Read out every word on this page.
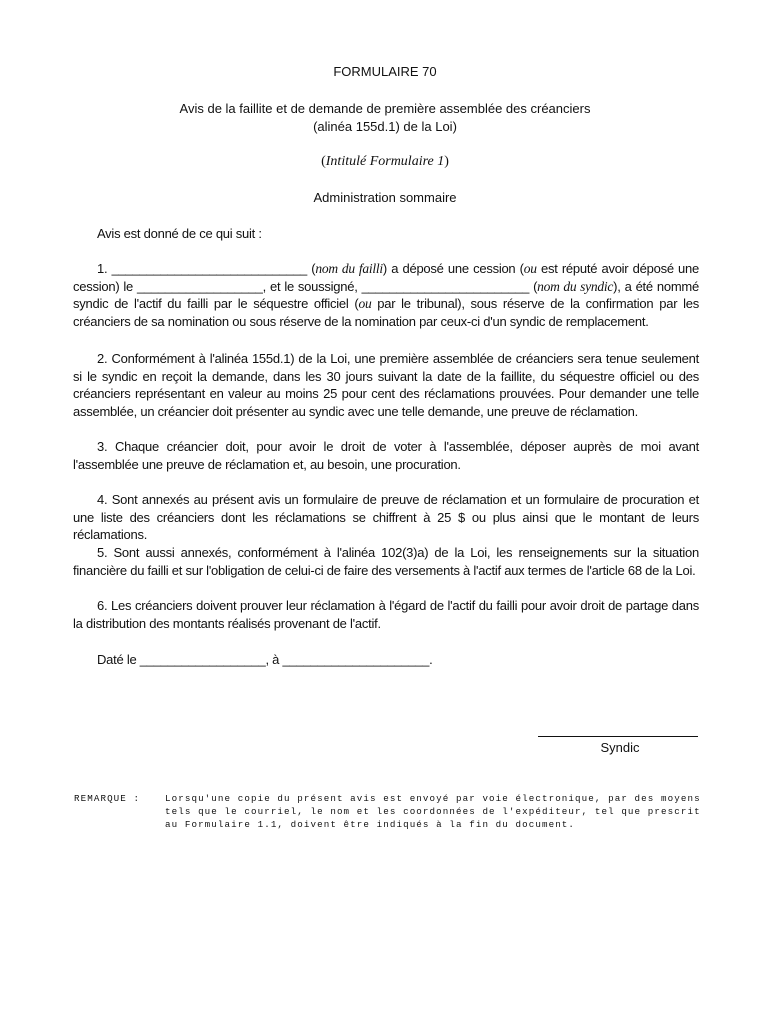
FORMULAIRE 70
Avis de la faillite et de demande de première assemblée des créanciers
(alinéa 155d.1) de la Loi)
(Intitulé Formulaire 1)
Administration sommaire
Avis est donné de ce qui suit :
1. ____________________________ (nom du failli) a déposé une cession (ou est réputé avoir déposé une cession) le __________________, et le soussigné, ________________________ (nom du syndic), a été nommé syndic de l'actif du failli par le séquestre officiel (ou par le tribunal), sous réserve de la confirmation par les créanciers de sa nomination ou sous réserve de la nomination par ceux-ci d'un syndic de remplacement.
2. Conformément à l'alinéa 155d.1) de la Loi, une première assemblée de créanciers sera tenue seulement si le syndic en reçoit la demande, dans les 30 jours suivant la date de la faillite, du séquestre officiel ou des créanciers représentant en valeur au moins 25 pour cent des réclamations prouvées. Pour demander une telle assemblée, un créancier doit présenter au syndic avec une telle demande, une preuve de réclamation.
3. Chaque créancier doit, pour avoir le droit de voter à l'assemblée, déposer auprès de moi avant l'assemblée une preuve de réclamation et, au besoin, une procuration.
4. Sont annexés au présent avis un formulaire de preuve de réclamation et un formulaire de procuration et une liste des créanciers dont les réclamations se chiffrent à 25 $ ou plus ainsi que le montant de leurs réclamations.
5. Sont aussi annexés, conformément à l'alinéa 102(3)a) de la Loi, les renseignements sur la situation financière du failli et sur l'obligation de celui-ci de faire des versements à l'actif aux termes de l'article 68 de la Loi.
6. Les créanciers doivent prouver leur réclamation à l'égard de l'actif du failli pour avoir droit de partage dans la distribution des montants réalisés provenant de l'actif.
Daté le __________________, à _____________________.
Syndic
REMARQUE :	Lorsqu'une copie du présent avis est envoyé par voie électronique, par des moyens tels que le courriel, le nom et les coordonnées de l'expéditeur, tel que prescrit au Formulaire 1.1, doivent être indiqués à la fin du document.
